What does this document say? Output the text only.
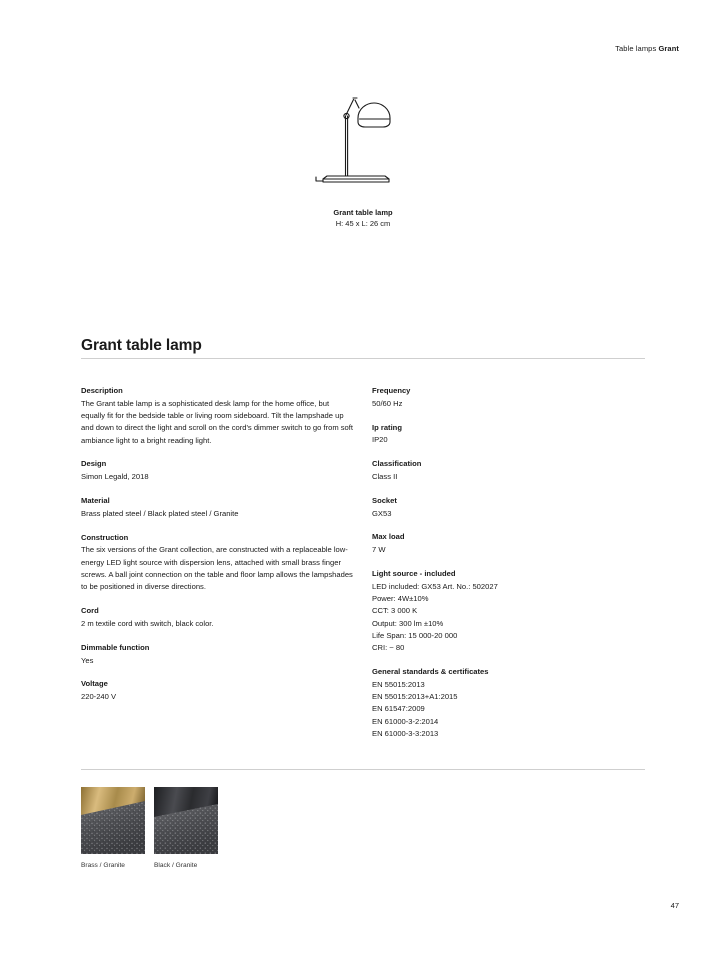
Table lamps Grant
Grant table lamp
H: 45 x L: 26 cm
Grant table lamp
Description

The Grant table lamp is a sophisticated desk lamp for the home office, but equally fit for the bedside table or living room sideboard. Tilt the lampshade up and down to direct the light and scroll on the cord's dimmer switch to go from soft ambiance light to a bright reading light.

Design

Simon Legald, 2018

Material

Brass plated steel / Black plated steel / Granite

Construction

The six versions of the Grant collection, are constructed with a replaceable low-energy LED light source with dispersion lens, attached with small brass finger screws. A ball joint connection on the table and floor lamp allows the lampshades to be positioned in diverse directions.

Cord

2 m textile cord with switch, black color.

Dimmable function

Yes

Voltage

220-240 V

Frequency

50/60 Hz

Ip rating

IP20

Classification

Class II

Socket

GX53

Max load

7 W

Light source - included
LED included: GX53 Art. No.: 502027
Power: 4W±10%
CCT: 3 000 K
Output: 300 lm ±10%
Life Span: 15 000-20 000
CRI: ~ 80
General standards & certificates
EN 55015:2013
EN 55015:2013+A1:2015
EN 61547:2009
EN 61000-3-2:2014
EN 61000-3-3:2013
Brass / Granite	Black / Granite
47
